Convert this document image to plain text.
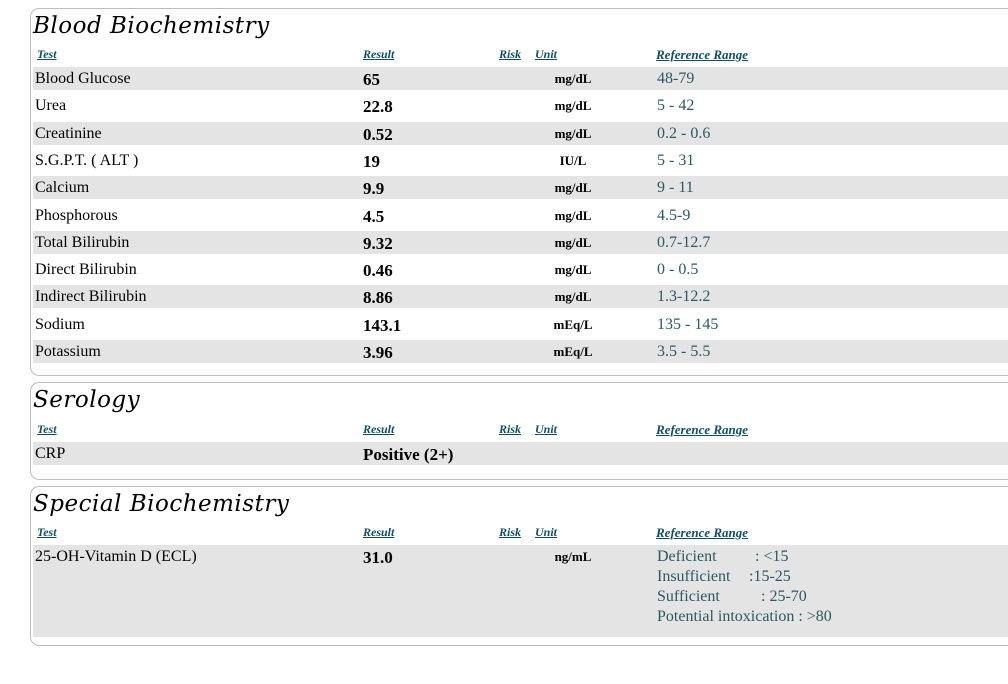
Blood Biochemistry
Test	Result	Risk Unit	Reference Range
Blood Glucose	65	mg/dL	48-79
Urea	22.8	mg/dL	5 - 42
Creatinine	0.52	mg/dL	0.2 - 0.6
S.G.P.T. ( ALT )	19	IU/L	5 - 31
Calcium	9.9	mg/dL	9 - 11
Phosphorous	4.5	mg/dL	4.5-9
Total Bilirubin	9.32	mg/dL	0.7-12.7
Direct Bilirubin	0.46	mg/dL	0 - 0.5
Indirect Bilirubin	8.86	mg/dL	1.3-12.2
Sodium	143.1	mEq/L	135 - 145
Potassium	3.96	mEq/L	3.5 - 5.5
Serology
Test	Result	Risk Unit	Reference Range
CRP	Positive (2+)
Special Biochemistry
Test	Result	Risk Unit	Reference Range
25-OH-Vitamin D (ECL)	31.0	ng/mL	Deficient : <15
Insufficient :15-25
Sufficient	: 25-70
Potential intoxication : >80
